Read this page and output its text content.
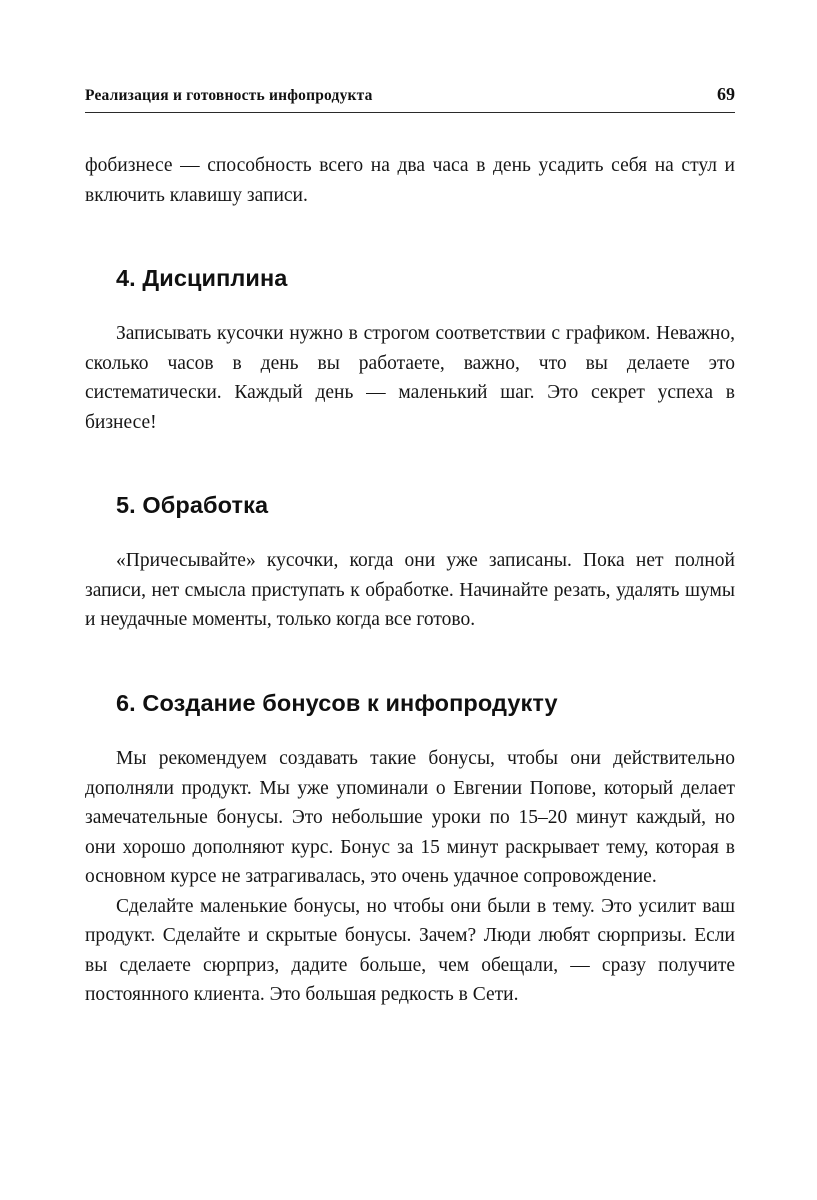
Реализация и готовность инфопродукта	69

фобизнесе — способность всего на два часа в день усадить себя на стул и включить клавишу записи.

4. Дисциплина

Записывать кусочки нужно в строгом соответствии с графиком. Неважно, сколько часов в день вы работаете, важно, что вы делаете это систематически. Каждый день — маленький шаг. Это секрет успеха в бизнесе!

5. Обработка

«Причесывайте» кусочки, когда они уже записаны. Пока нет полной записи, нет смысла приступать к обработке. Начинайте резать, удалять шумы и неудачные моменты, только когда все готово.

6. Создание бонусов к инфопродукту

Мы рекомендуем создавать такие бонусы, чтобы они действительно дополняли продукт. Мы уже упоминали о Евгении Попове, который делает замечательные бонусы. Это небольшие уроки по 15–20 минут каждый, но они хорошо дополняют курс. Бонус за 15 минут раскрывает тему, которая в основном курсе не затрагивалась, это очень удачное сопровождение.

Сделайте маленькие бонусы, но чтобы они были в тему. Это усилит ваш продукт. Сделайте и скрытые бонусы. Зачем? Люди любят сюрпризы. Если вы сделаете сюрприз, дадите больше, чем обещали, — сразу получите постоянного клиента. Это большая редкость в Сети.
